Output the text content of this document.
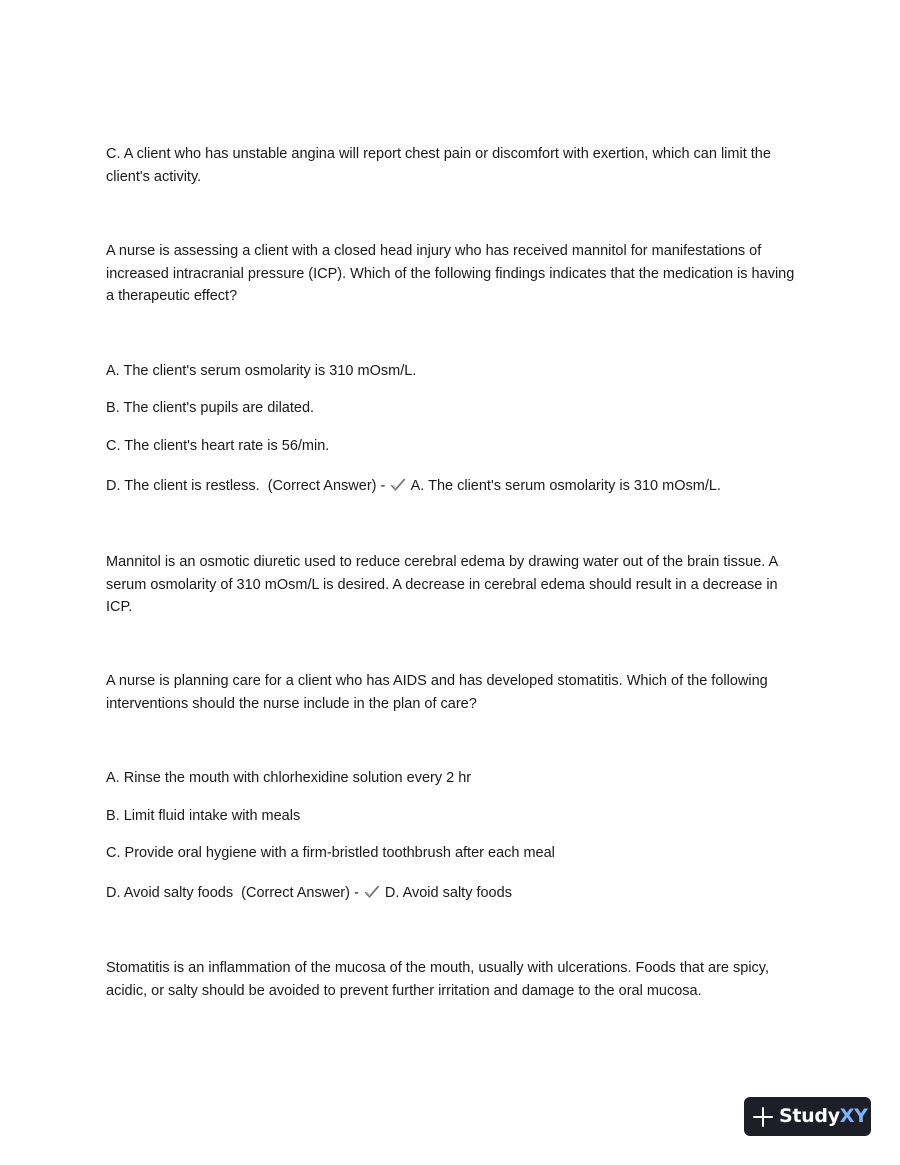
C. A client who has unstable angina will report chest pain or discomfort with exertion, which can limit the client's activity.

A nurse is assessing a client with a closed head injury who has received mannitol for manifestations of increased intracranial pressure (ICP). Which of the following findings indicates that the medication is having a therapeutic effect?

A. The client's serum osmolarity is 310 mOsm/L.

B. The client's pupils are dilated.

C. The client's heart rate is 56/min.

D. The client is restless. (Correct Answer) - A. The client's serum osmolarity is 310 mOsm/L.

Mannitol is an osmotic diuretic used to reduce cerebral edema by drawing water out of the brain tissue. A serum osmolarity of 310 mOsm/L is desired. A decrease in cerebral edema should result in a decrease in ICP.

A nurse is planning care for a client who has AIDS and has developed stomatitis. Which of the following interventions should the nurse include in the plan of care?

A. Rinse the mouth with chlorhexidine solution every 2 hr

B. Limit fluid intake with meals

C. Provide oral hygiene with a firm-bristled toothbrush after each meal

D. Avoid salty foods (Correct Answer) - D. Avoid salty foods

Stomatitis is an inflammation of the mucosa of the mouth, usually with ulcerations. Foods that are spicy, acidic, or salty should be avoided to prevent further irritation and damage to the oral mucosa.

StudyXY
